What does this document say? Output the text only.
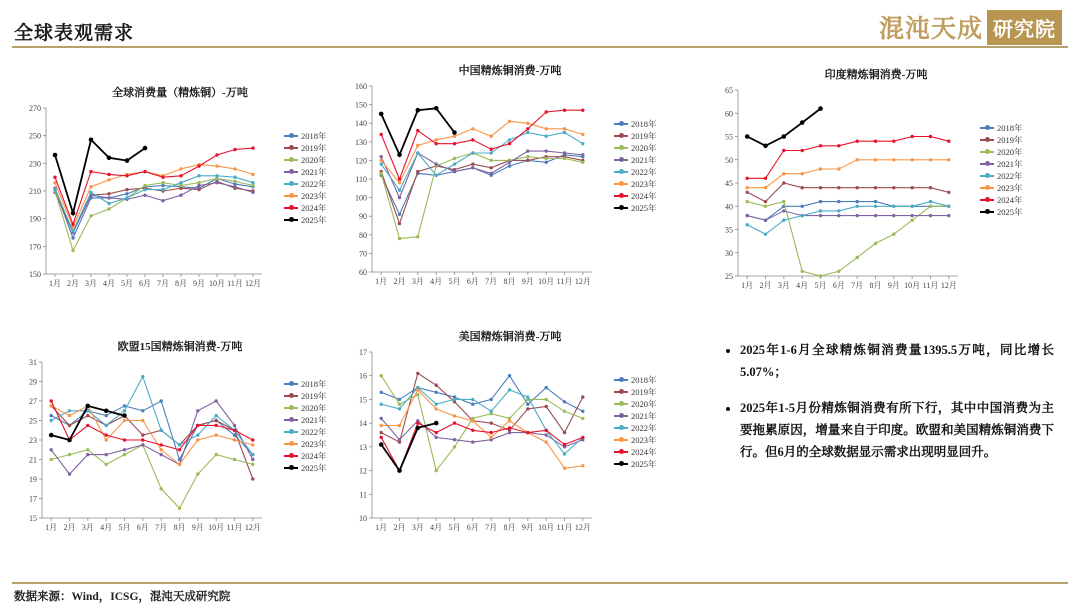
全球表观需求	混沌天成 研究院
全球消费量（精炼铜）-万吨
150
170
190
210
230
250
270
1月 2月 3月 4月 5月 6月 7月 8月 9月 10月 11月 12月
2018年
2019年
2020年
2021年
2022年
2023年
2024年
2025年
中国精炼铜消费-万吨
60
70
80
90
100
110
120
130
140
150
160
1月 2月 3月 4月 5月 6月 7月 8月 9月 10月 11月 12月
2018年
2019年
2020年
2021年
2022年
2023年
2024年
2025年
印度精炼铜消费-万吨
25
30
35
40
45
50
55
60
65
1月 2月 3月 4月 5月 6月 7月 8月 9月 10月 11月 12月
2018年
2019年
2020年
2021年
2022年
2023年
2024年
2025年
欧盟15国精炼铜消费-万吨
15
17
19
21
23
25
27
29
31
1月 2月 3月 4月 5月 6月 7月 8月 9月 10月 11月 12月
2018年
2019年
2020年
2021年
2022年
2023年
2024年
2025年
美国精炼铜消费-万吨
10
11
12
13
14
15
16
17
1月 2月 3月 4月 5月 6月 7月 8月 9月 10月 11月 12月
2018年
2019年
2020年
2021年
2022年
2023年
2024年
2025年
• 2025年1-6月全球精炼铜消费量1395.5万吨，同比增长5.07%；
• 2025年1-5月份精炼铜消费有所下行，其中中国消费为主要拖累原因，增量来自于印度。欧盟和美国精炼铜消费下行。但6月的全球数据显示需求出现明显回升。
数据来源：Wind，ICSG，混沌天成研究院
